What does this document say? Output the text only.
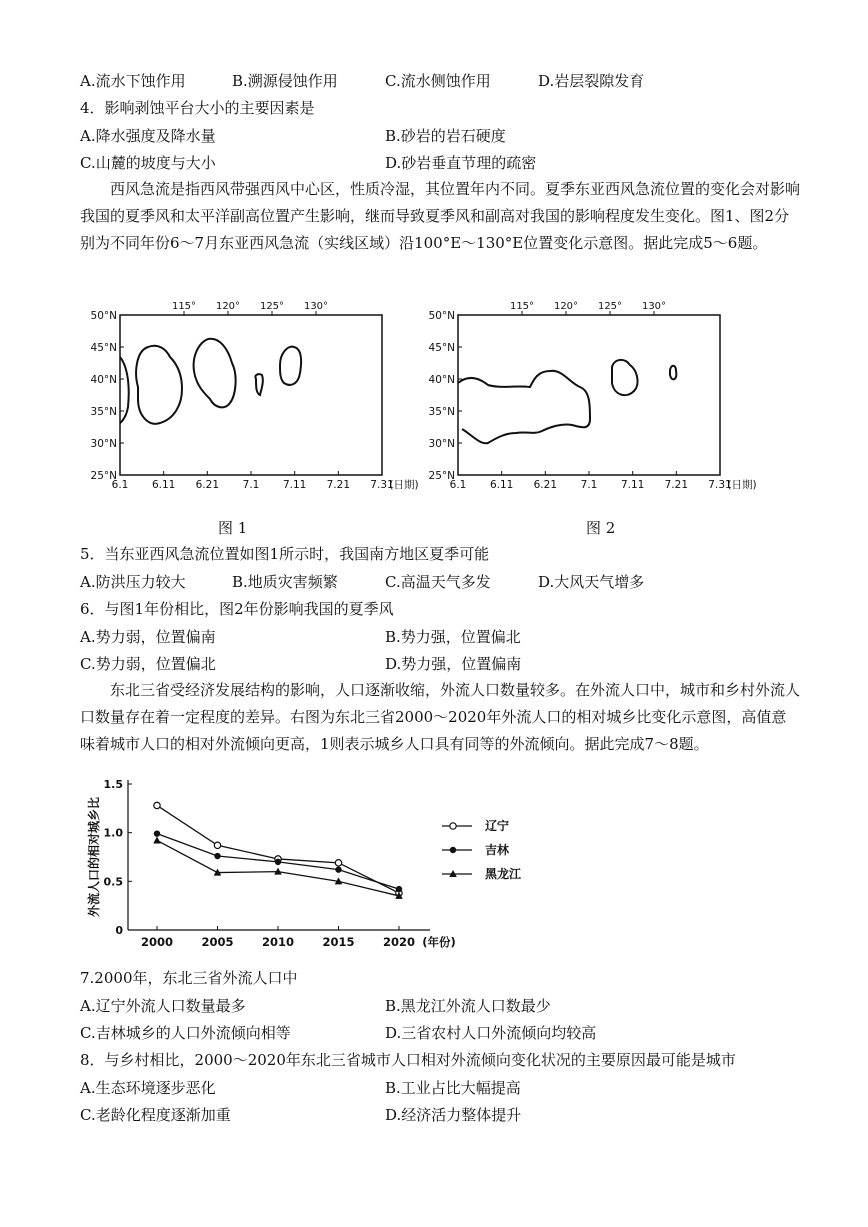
A.流水下蚀作用	B.溯源侵蚀作用	C.流水侧蚀作用	D.岩层裂隙发育
4．影响剥蚀平台大小的主要因素是
A.降水强度及降水量	B.砂岩的岩石硬度
C.山麓的坡度与大小	D.砂岩垂直节理的疏密
西风急流是指西风带强西风中心区，性质冷湿，其位置年内不同。夏季东亚西风急流位置的变化会对影响我国的夏季风和太平洋副高位置产生影响，继而导致夏季风和副高对我国的影响程度发生变化。图1、图2分别为不同年份6～7月东亚西风急流（实线区域）沿100°E～130°E位置变化示意图。据此完成5～6题。
115° 120° 125° 130°
50°N
45°N
40°N
35°N
30°N
25°N
6.1 6.11 6.21 7.1 7.11 7.21 7.31
(日期)
115° 120° 125° 130°
50°N
45°N
40°N
35°N
30°N
25°N
6.1 6.11 6.21 7.1 7.11 7.21 7.31
(日期)
图 1	图 2
5．当东亚西风急流位置如图1所示时，我国南方地区夏季可能
A.防洪压力较大	B.地质灾害频繁	C.高温天气多发	D.大风天气增多
6．与图1年份相比，图2年份影响我国的夏季风
A.势力弱，位置偏南	B.势力强，位置偏北
C.势力弱，位置偏北	D.势力强，位置偏南
东北三省受经济发展结构的影响，人口逐渐收缩，外流人口数量较多。在外流人口中，城市和乡村外流人口数量存在着一定程度的差异。右图为东北三省2000～2020年外流人口的相对城乡比变化示意图，高值意味着城市人口的相对外流倾向更高，1则表示城乡人口具有同等的外流倾向。据此完成7～8题。
0
0.5
1.0
1.5
2000 2005 2010 2015 2020 (年份)
外流人口的相对城乡比	辽宁
吉林
黑龙江
7.2000年，东北三省外流人口中
A.辽宁外流人口数量最多	B.黑龙江外流人口数最少
C.吉林城乡的人口外流倾向相等	D.三省农村人口外流倾向均较高
8．与乡村相比，2000～2020年东北三省城市人口相对外流倾向变化状况的主要原因最可能是城市
A.生态环境逐步恶化	B.工业占比大幅提高
C.老龄化程度逐渐加重	D.经济活力整体提升
